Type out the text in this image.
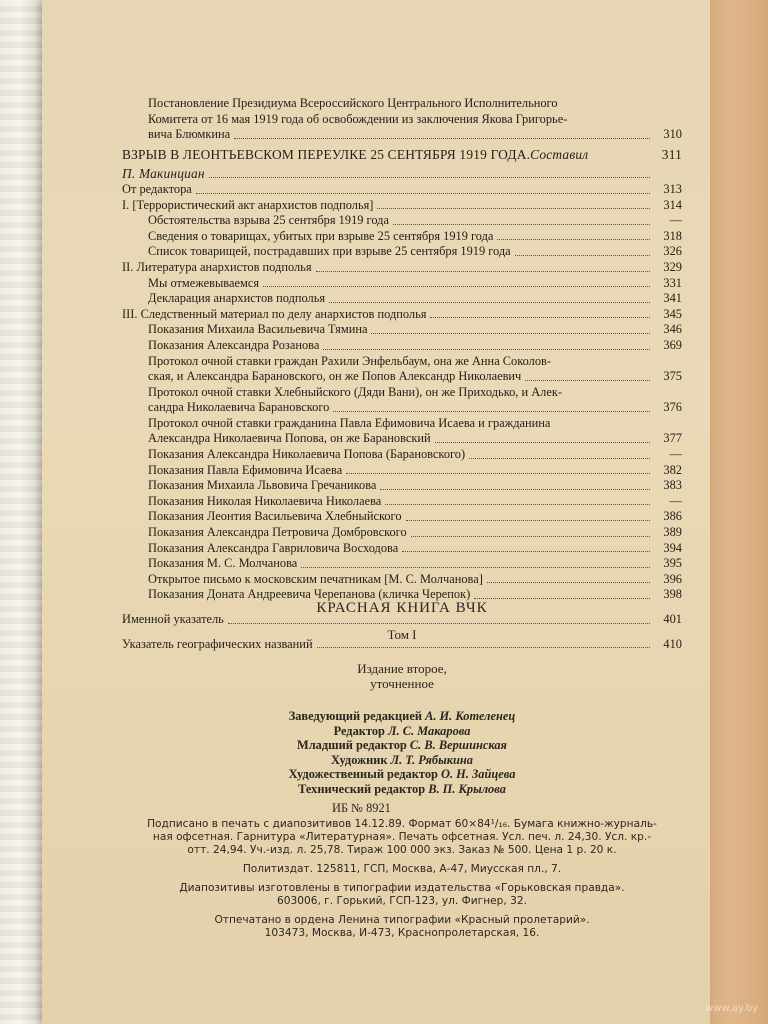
Постановление Президиума Всероссийского Центрального Исполнительного
Комитета от 16 мая 1919 года об освобождении из заключения Якова Григорье-
вича Блюмкина	310
ВЗРЫВ В ЛЕОНТЬЕВСКОМ ПЕРЕУЛКЕ 25 СЕНТЯБРЯ 1919 ГОДА. Составил	311
П. Макинциан
От редактора	313
I. [Террористический акт анархистов подполья]	314
Обстоятельства взрыва 25 сентября 1919 года	—
Сведения о товарищах, убитых при взрыве 25 сентября 1919 года	318
Список товарищей, пострадавших при взрыве 25 сентября 1919 года	326
II. Литература анархистов подполья	329
Мы отмежевываемся	331
Декларация анархистов подполья	341
III. Следственный материал по делу анархистов подполья	345
Показания Михаила Васильевича Тямина	346
Показания Александра Розанова	369
Протокол очной ставки граждан Рахили Энфельбаум, она же Анна Соколов-
ская, и Александра Барановского, он же Попов Александр Николаевич	375
Протокол очной ставки Хлебныйского (Дяди Вани), он же Приходько, и Алек-
сандра Николаевича Барановского	376
Протокол очной ставки гражданина Павла Ефимовича Исаева и гражданина
Александра Николаевича Попова, он же Барановский	377
Показания Александра Николаевича Попова (Барановского)	—
Показания Павла Ефимовича Исаева	382
Показания Михаила Львовича Гречаникова	383
Показания Николая Николаевича Николаева	—
Показания Леонтия Васильевича Хлебныйского	386
Показания Александра Петровича Домбровского	389
Показания Александра Гавриловича Восходова	394
Показания М. С. Молчанова	395
Открытое письмо к московским печатникам [М. С. Молчанова]	396
Показания Доната Андреевича Черепанова (кличка Черепок)	398
Именной указатель	401
Указатель географических названий	410
КРАСНАЯ КНИГА ВЧК
Том I
Издание второе,
уточненное
Заведующий редакцией А. И. Котеленец
Редактор Л. С. Макарова
Младший редактор С. В. Вершинская
Художник Л. Т. Рябыкина
Художественный редактор О. Н. Зайцева
Технический редактор В. П. Крылова
ИБ № 8921

Подписано в печать с диапозитивов 14.12.89. Формат 60×84¹/₁₆. Бумага книжно-журналь-

ная офсетная. Гарнитура «Литературная». Печать офсетная. Усл. печ. л. 24,30. Усл. кр.-

отт. 24,94. Уч.-изд. л. 25,78. Тираж 100 000 экз. Заказ № 500. Цена 1 р. 20 к.

Политиздат. 125811, ГСП, Москва, А-47, Миусская пл., 7.

Диапозитивы изготовлены в типографии издательства «Горьковская правда».

603006, г. Горький, ГСП-123, ул. Фигнер, 32.

Отпечатано в ордена Ленина типографии «Красный пролетарий».

103473, Москва, И-473, Краснопролетарская, 16.

www.ay.by
